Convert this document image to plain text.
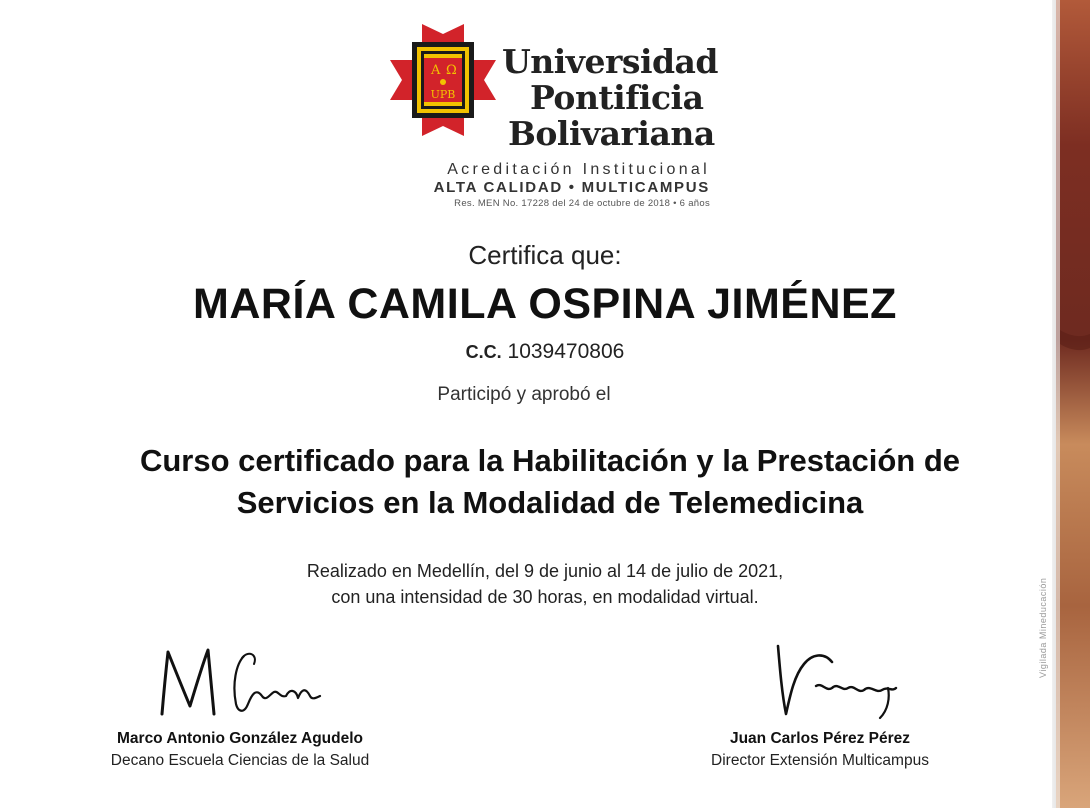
Α Ω
UPB
Universidad
Pontificia
Bolivariana
Acreditación Institucional
ALTA CALIDAD • MULTICAMPUS
Res. MEN No. 17228 del 24 de octubre de 2018 • 6 años
Certifica que:
MARÍA CAMILA OSPINA JIMÉNEZ
C.C. 1039470806
Participó y aprobó el
Curso certificado para la Habilitación y la Prestación de
Servicios en la Modalidad de Telemedicina
Realizado en Medellín, del 9 de junio al 14 de julio de 2021,
con una intensidad de 30 horas, en modalidad virtual.
Marco Antonio González Agudelo
Decano Escuela Ciencias de la Salud
Juan Carlos Pérez Pérez
Director Extensión Multicampus
Vigilada Mineducación
